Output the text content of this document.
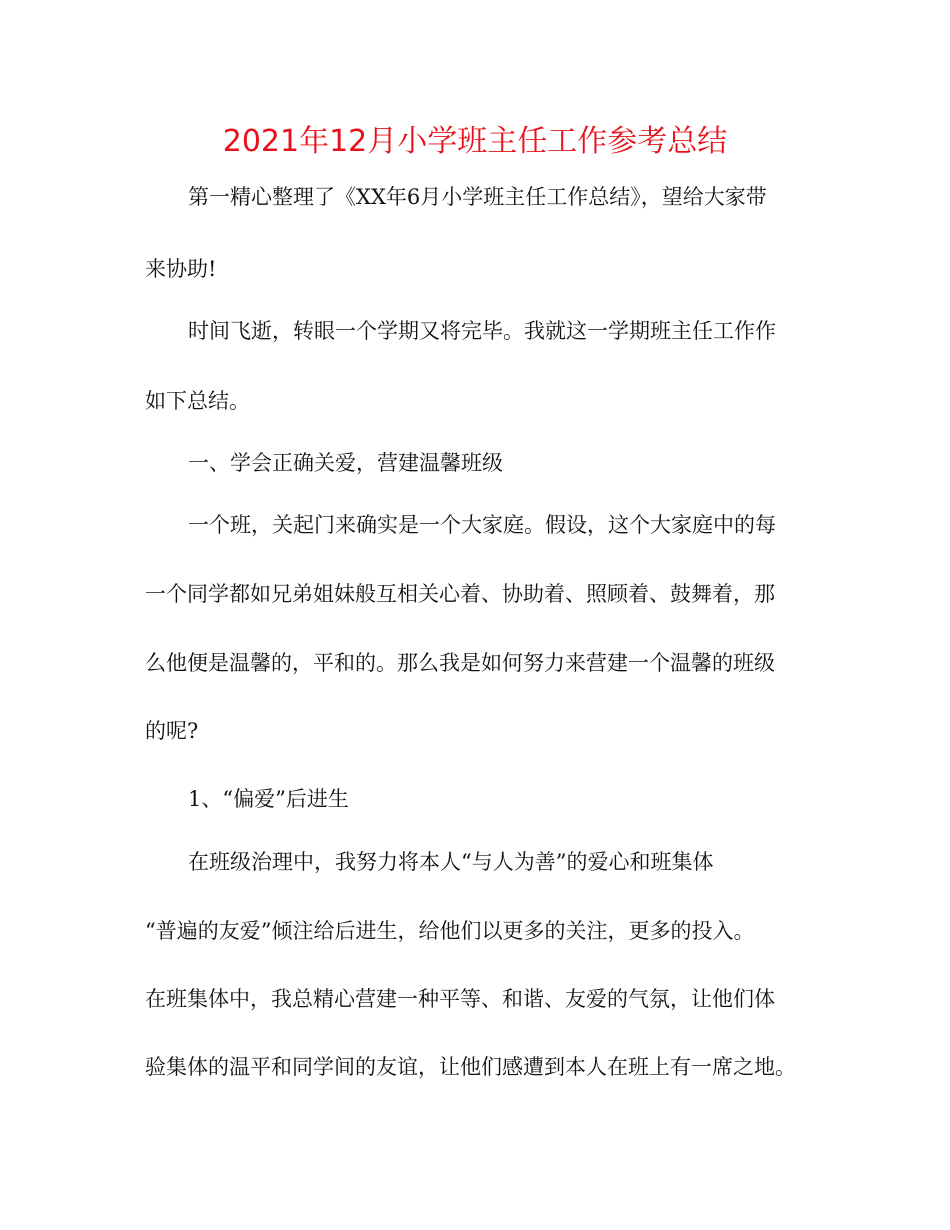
2021年12月小学班主任工作参考总结
第一精心整理了《XX年6月小学班主任工作总结》，望给大家带
来协助!
时间飞逝，转眼一个学期又将完毕。我就这一学期班主任工作作
如下总结。
一、学会正确关爱，营建温馨班级
一个班，关起门来确实是一个大家庭。假设，这个大家庭中的每
一个同学都如兄弟姐妹般互相关心着、协助着、照顾着、鼓舞着，那
么他便是温馨的，平和的。那么我是如何努力来营建一个温馨的班级
的呢?
1、“偏爱”后进生
在班级治理中，我努力将本人“与人为善”的爱心和班集体
“普遍的友爱”倾注给后进生，给他们以更多的关注，更多的投入。
在班集体中，我总精心营建一种平等、和谐、友爱的气氛，让他们体
验集体的温平和同学间的友谊，让他们感遭到本人在班上有一席之地。
